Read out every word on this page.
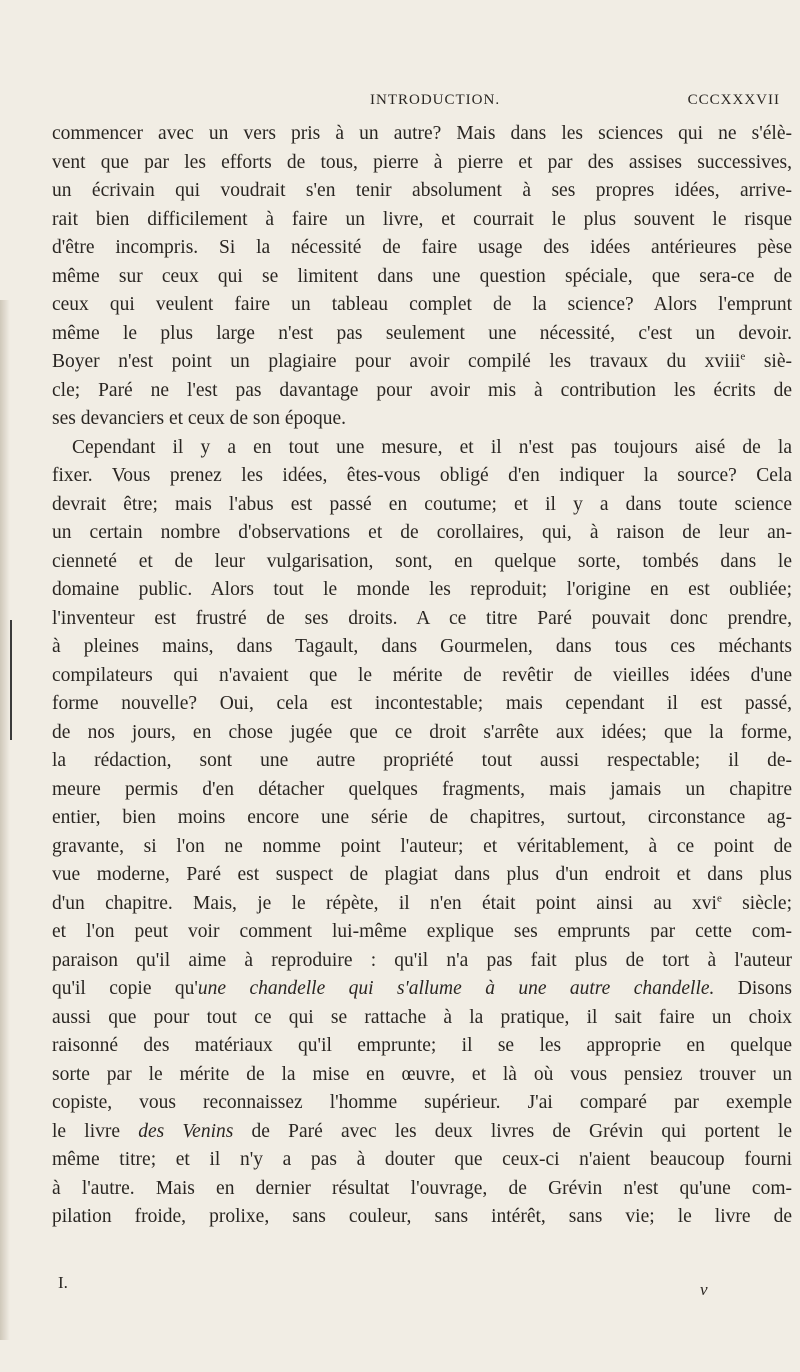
INTRODUCTION.	CCCXXXVII
commencer avec un vers pris à un autre? Mais dans les sciences qui ne s'élè-
vent que par les efforts de tous, pierre à pierre et par des assises successives,
un écrivain qui voudrait s'en tenir absolument à ses propres idées, arrive-
rait bien difficilement à faire un livre, et courrait le plus souvent le risque
d'être incompris. Si la nécessité de faire usage des idées antérieures pèse
même sur ceux qui se limitent dans une question spéciale, que sera-ce de
ceux qui veulent faire un tableau complet de la science? Alors l'emprunt
même le plus large n'est pas seulement une nécessité, c'est un devoir.
Boyer n'est point un plagiaire pour avoir compilé les travaux du xviii$^e$ siè-
cle; Paré ne l'est pas davantage pour avoir mis à contribution les écrits de
ses devanciers et ceux de son époque.
Cependant il y a en tout une mesure, et il n'est pas toujours aisé de la
fixer. Vous prenez les idées, êtes-vous obligé d'en indiquer la source? Cela
devrait être; mais l'abus est passé en coutume; et il y a dans toute science
un certain nombre d'observations et de corollaires, qui, à raison de leur an-
cienneté et de leur vulgarisation, sont, en quelque sorte, tombés dans le
domaine public. Alors tout le monde les reproduit; l'origine en est oubliée;
l'inventeur est frustré de ses droits. A ce titre Paré pouvait donc prendre,
à pleines mains, dans Tagault, dans Gourmelen, dans tous ces méchants
compilateurs qui n'avaient que le mérite de revêtir de vieilles idées d'une
forme nouvelle? Oui, cela est incontestable; mais cependant il est passé,
de nos jours, en chose jugée que ce droit s'arrête aux idées; que la forme,
la rédaction, sont une autre propriété tout aussi respectable; il de-
meure permis d'en détacher quelques fragments, mais jamais un chapitre
entier, bien moins encore une série de chapitres, surtout, circonstance ag-
gravante, si l'on ne nomme point l'auteur; et véritablement, à ce point de
vue moderne, Paré est suspect de plagiat dans plus d'un endroit et dans plus
d'un chapitre. Mais, je le répète, il n'en était point ainsi au xvi$^e$ siècle;
et l'on peut voir comment lui-même explique ses emprunts par cette com-
paraison qu'il aime à reproduire : qu'il n'a pas fait plus de tort à l'auteur
qu'il copie qu'une chandelle qui s'allume à une autre chandelle. Disons
aussi que pour tout ce qui se rattache à la pratique, il sait faire un choix
raisonné des matériaux qu'il emprunte; il se les approprie en quelque
sorte par le mérite de la mise en œuvre, et là où vous pensiez trouver un
copiste, vous reconnaissez l'homme supérieur. J'ai comparé par exemple
le livre des Venins de Paré avec les deux livres de Grévin qui portent le
même titre; et il n'y a pas à douter que ceux-ci n'aient beaucoup fourni
à l'autre. Mais en dernier résultat l'ouvrage, de Grévin n'est qu'une com-
pilation froide, prolixe, sans couleur, sans intérêt, sans vie; le livre de
I.	v
